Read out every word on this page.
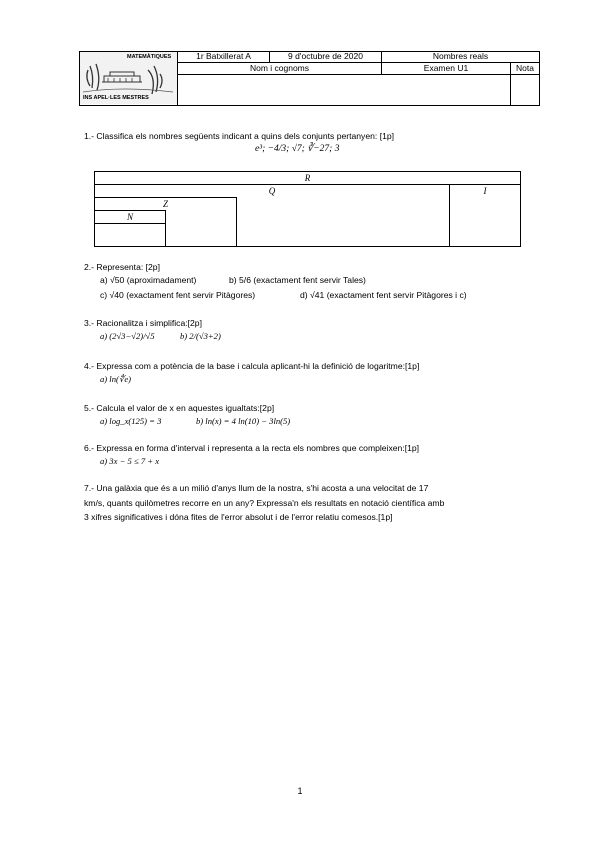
MATEMÀTIQUES
INS APEL·LES MESTRES
1r Batxillerat A	9 d'octubre de 2020	Nombres reals
Nom i cognoms	Examen U1	Nota
1.- Classifica els nombres següents indicant a quins dels conjunts pertanyen: [1p]
e³; −4/3; √7; ∛−27; 3
R
Q	I
Z
N
2.- Representa: [2p]
a) √50 (aproximadament)	b) 5/6 (exactament fent servir Tales)
c) √40 (exactament fent servir Pitàgores)	d) √41 (exactament fent servir Pitàgores i c)
3.- Racionalitza i simplifica:[2p]
a) (2√3−√2)/√5	b) 2/(√3+2)
4.- Expressa com a potència de la base i calcula aplicant-hi la definició de logaritme:[1p]
a) ln(∜e)
5.- Calcula el valor de x en aquestes igualtats:[2p]
a) log_x(125) = 3	b) ln(x) = 4 ln(10) − 3ln(5)
6.- Expressa en forma d'interval i representa a la recta els nombres que compleixen:[1p]
a) 3x − 5 ≤ 7 + x
7.- Una galàxia que és a un milió d'anys llum de la nostra, s'hi acosta a una velocitat de 17
km/s, quants quilòmetres recorre en un any? Expressa'n els resultats en notació científica amb
3 xifres significatives i dóna fites de l'error absolut i de l'error relatiu comesos.[1p]
1
